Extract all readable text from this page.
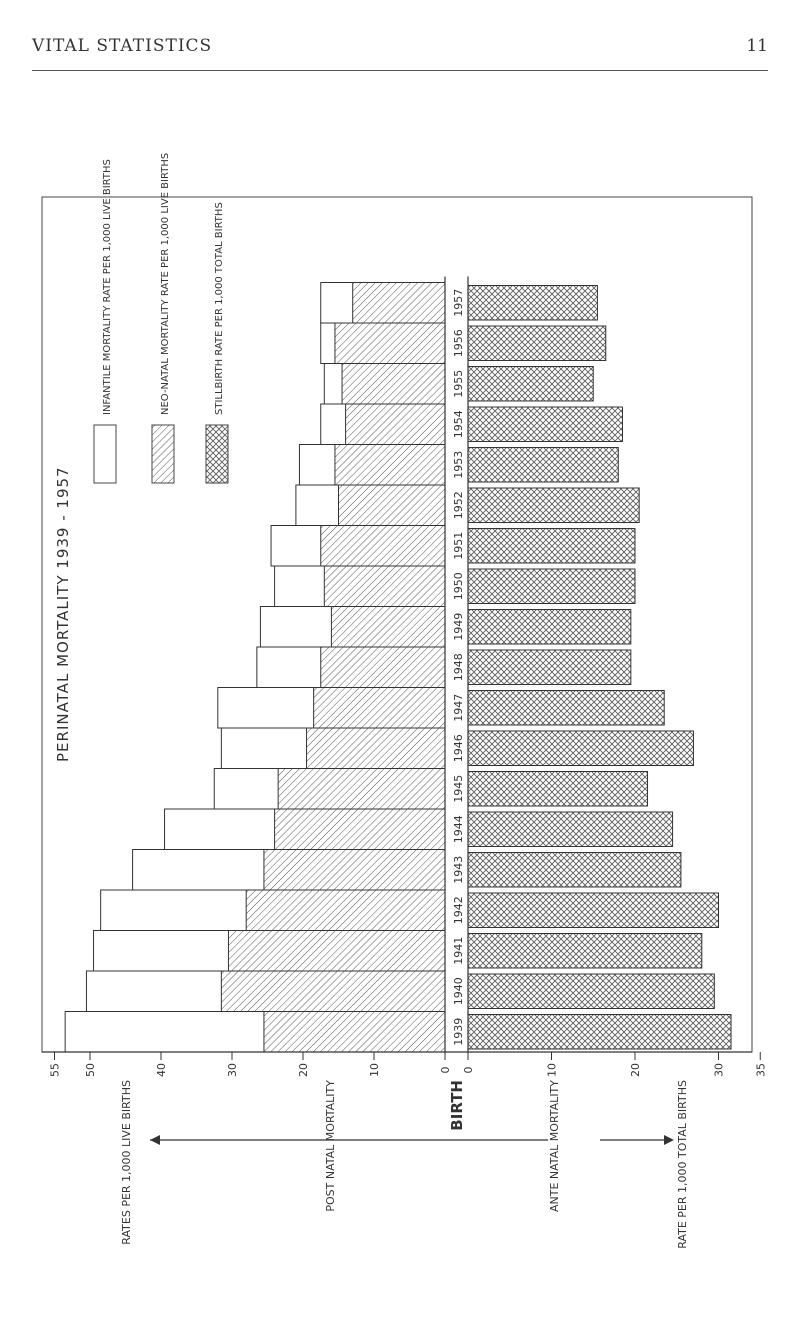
VITAL STATISTICS	11
1939
1940
1941
1942
1943
1944
1945
1946
1947
1948
1949
1950
1951
1952
1953
1954
1955
1956
1957
55 50	40	30	20	10	0 0	10	20	30	35
PERINATAL MORTALITY 1939 - 1957
INFANTILE MORTALITY RATE PER 1,000 LIVE BIRTHS	NEO-NATAL MORTALITY RATE PER 1,000 LIVE BIRTHS	STILLBIRTH RATE PER 1,000 TOTAL BIRTHS
RATES PER 1,000 LIVE BIRTHS	POST NATAL MORTALITY	BIRTH	ANTE NATAL MORTALITY	RATE PER 1,000 TOTAL BIRTHS
